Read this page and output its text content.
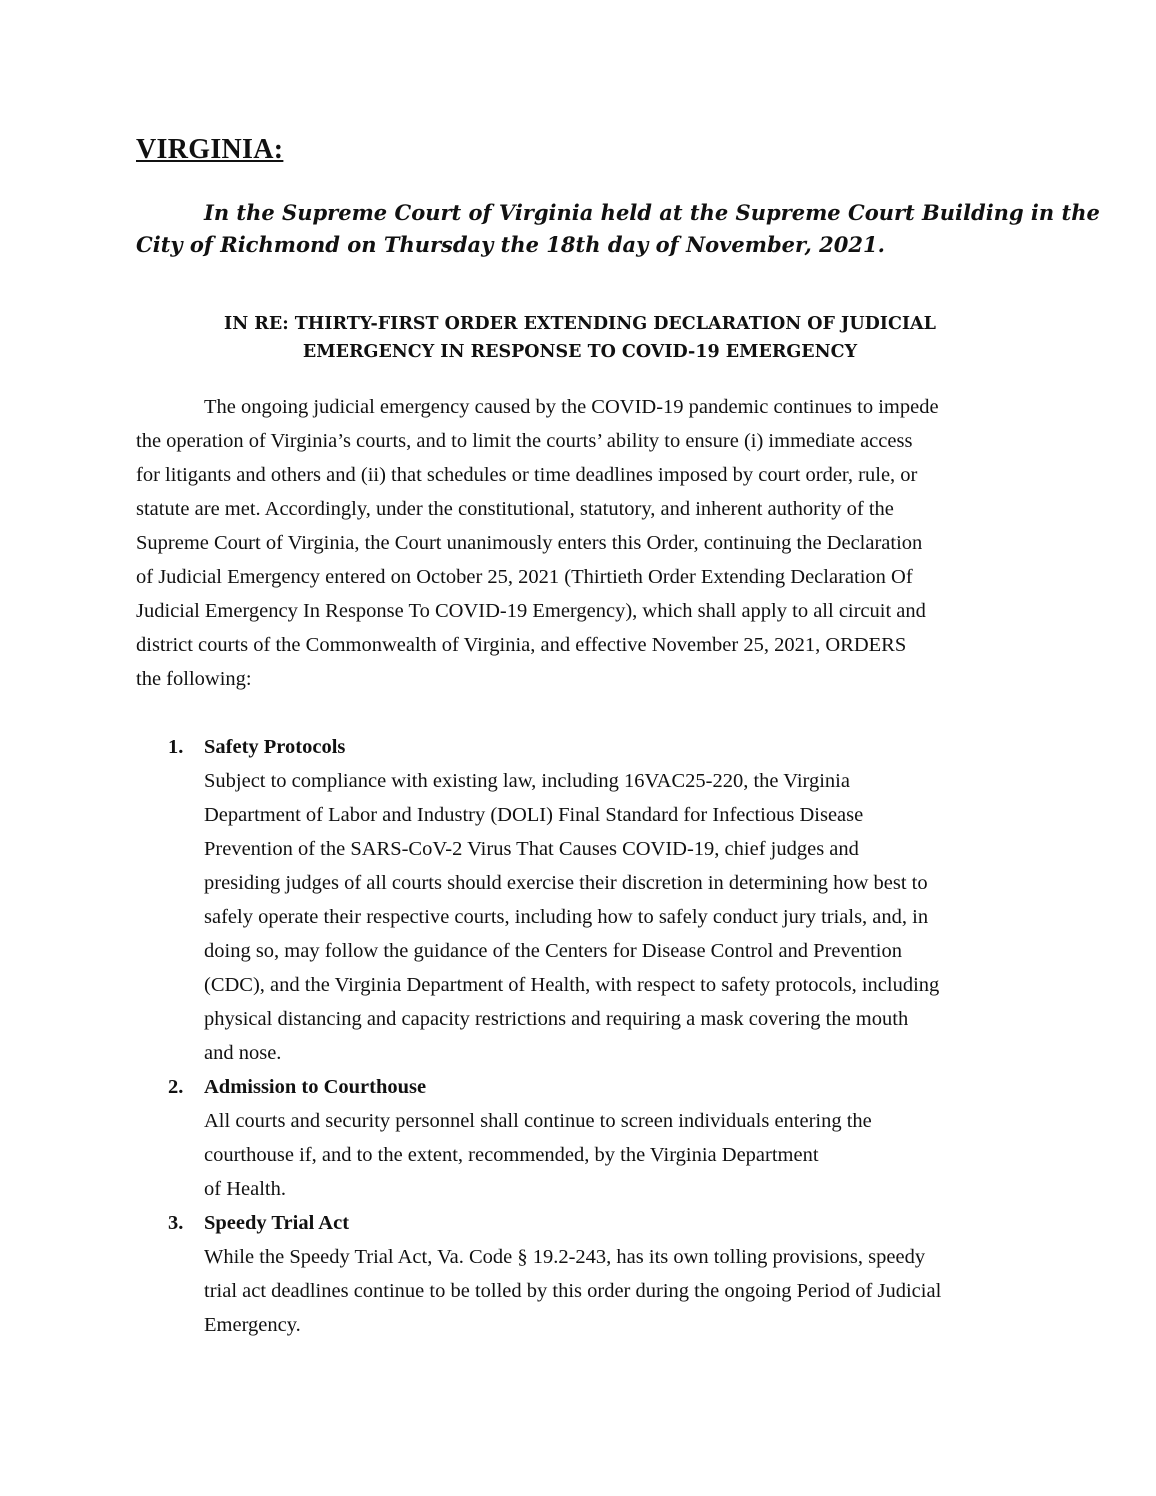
VIRGINIA:
In the Supreme Court of Virginia held at the Supreme Court Building in the
City of Richmond on Thursday the 18th day of November, 2021.
IN RE: THIRTY-FIRST ORDER EXTENDING DECLARATION OF JUDICIAL
EMERGENCY IN RESPONSE TO COVID-19 EMERGENCY
The ongoing judicial emergency caused by the COVID-19 pandemic continues to impede
the operation of Virginia’s courts, and to limit the courts’ ability to ensure (i) immediate access
for litigants and others and (ii) that schedules or time deadlines imposed by court order, rule, or
statute are met. Accordingly, under the constitutional, statutory, and inherent authority of the
Supreme Court of Virginia, the Court unanimously enters this Order, continuing the Declaration
of Judicial Emergency entered on October 25, 2021 (Thirtieth Order Extending Declaration Of
Judicial Emergency In Response To COVID-19 Emergency), which shall apply to all circuit and
district courts of the Commonwealth of Virginia, and effective November 25, 2021, ORDERS
the following:
1. Safety Protocols
Subject to compliance with existing law, including 16VAC25-220, the Virginia
Department of Labor and Industry (DOLI) Final Standard for Infectious Disease
Prevention of the SARS-CoV-2 Virus That Causes COVID-19, chief judges and
presiding judges of all courts should exercise their discretion in determining how best to
safely operate their respective courts, including how to safely conduct jury trials, and, in
doing so, may follow the guidance of the Centers for Disease Control and Prevention
(CDC), and the Virginia Department of Health, with respect to safety protocols, including
physical distancing and capacity restrictions and requiring a mask covering the mouth
and nose.
2. Admission to Courthouse
All courts and security personnel shall continue to screen individuals entering the
courthouse if, and to the extent, recommended, by the Virginia Department
of Health.
3. Speedy Trial Act
While the Speedy Trial Act, Va. Code § 19.2-243, has its own tolling provisions, speedy
trial act deadlines continue to be tolled by this order during the ongoing Period of Judicial
Emergency.
